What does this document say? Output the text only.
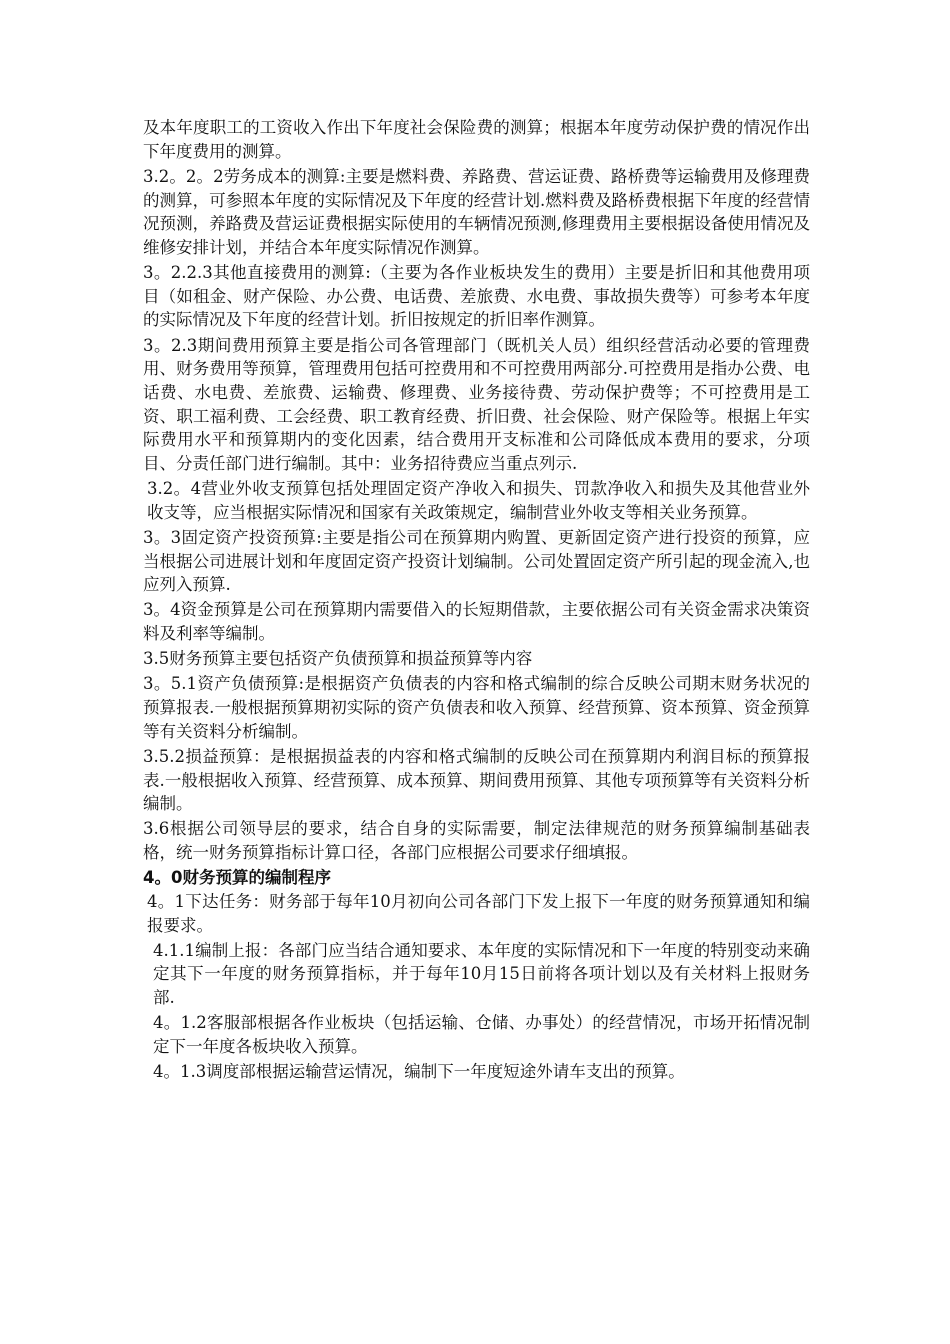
及本年度职工的工资收入作出下年度社会保险费的测算；根据本年度劳动保护费的情况作出下年度费用的测算。

3.2。2。2劳务成本的测算:主要是燃料费、养路费、营运证费、路桥费等运输费用及修理费的测算，可参照本年度的实际情况及下年度的经营计划.燃料费及路桥费根据下年度的经营情况预测，养路费及营运证费根据实际使用的车辆情况预测,修理费用主要根据设备使用情况及维修安排计划，并结合本年度实际情况作测算。

3。2.2.3其他直接费用的测算:（主要为各作业板块发生的费用）主要是折旧和其他费用项目（如租金、财产保险、办公费、电话费、差旅费、水电费、事故损失费等）可参考本年度的实际情况及下年度的经营计划。折旧按规定的折旧率作测算。

3。2.3期间费用预算主要是指公司各管理部门（既机关人员）组织经营活动必要的管理费用、财务费用等预算，管理费用包括可控费用和不可控费用两部分.可控费用是指办公费、电话费、水电费、差旅费、运输费、修理费、业务接待费、劳动保护费等；不可控费用是工资、职工福利费、工会经费、职工教育经费、折旧费、社会保险、财产保险等。根据上年实际费用水平和预算期内的变化因素，结合费用开支标准和公司降低成本费用的要求，分项目、分责任部门进行编制。其中：业务招待费应当重点列示.

3.2。4营业外收支预算包括处理固定资产净收入和损失、罚款净收入和损失及其他营业外收支等，应当根据实际情况和国家有关政策规定，编制营业外收支等相关业务预算。

3。3固定资产投资预算:主要是指公司在预算期内购置、更新固定资产进行投资的预算，应当根据公司进展计划和年度固定资产投资计划编制。公司处置固定资产所引起的现金流入,也应列入预算.

3。4资金预算是公司在预算期内需要借入的长短期借款，主要依据公司有关资金需求决策资料及利率等编制。

3.5财务预算主要包括资产负债预算和损益预算等内容

3。5.1资产负债预算:是根据资产负债表的内容和格式编制的综合反映公司期末财务状况的预算报表.一般根据预算期初实际的资产负债表和收入预算、经营预算、资本预算、资金预算等有关资料分析编制。

3.5.2损益预算：是根据损益表的内容和格式编制的反映公司在预算期内利润目标的预算报表.一般根据收入预算、经营预算、成本预算、期间费用预算、其他专项预算等有关资料分析编制。

3.6根据公司领导层的要求，结合自身的实际需要，制定法律规范的财务预算编制基础表格，统一财务预算指标计算口径，各部门应根据公司要求仔细填报。

4。0财务预算的编制程序

4。1下达任务：财务部于每年10月初向公司各部门下发上报下一年度的财务预算通知和编报要求。

4.1.1编制上报：各部门应当结合通知要求、本年度的实际情况和下一年度的特别变动来确定其下一年度的财务预算指标，并于每年10月15日前将各项计划以及有关材料上报财务部.

4。1.2客服部根据各作业板块（包括运输、仓储、办事处）的经营情况，市场开拓情况制定下一年度各板块收入预算。

4。1.3调度部根据运输营运情况，编制下一年度短途外请车支出的预算。
